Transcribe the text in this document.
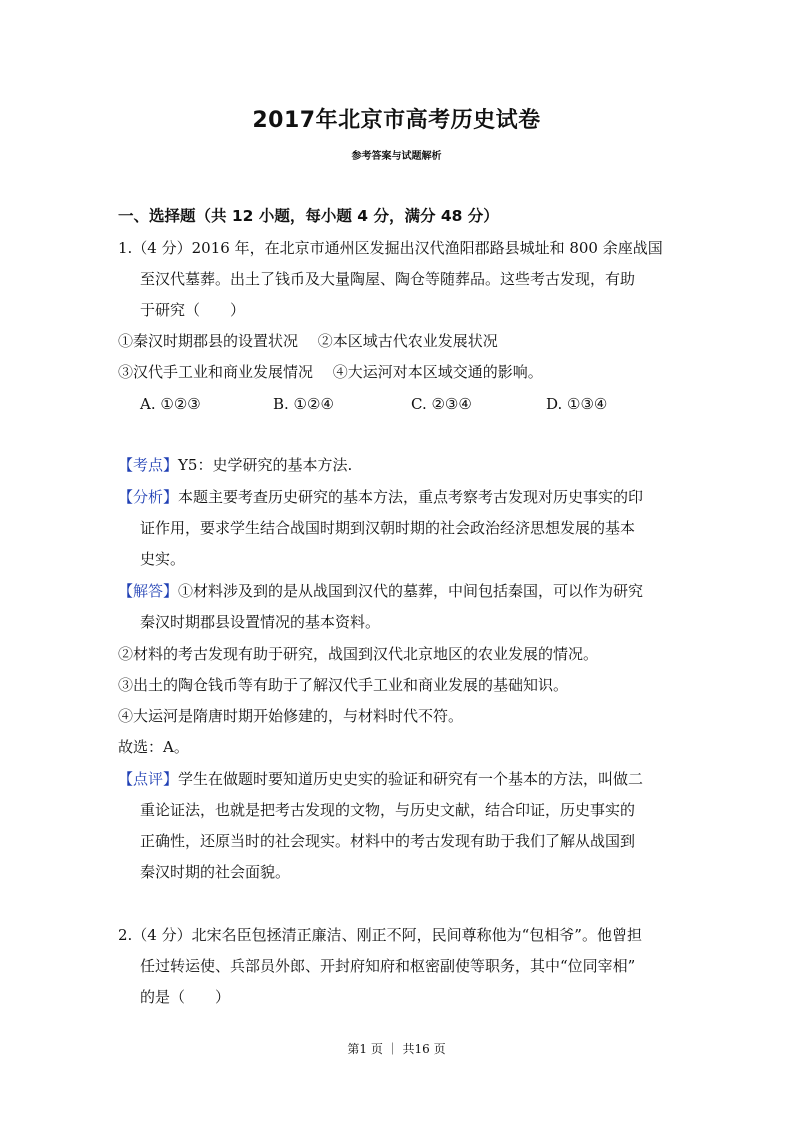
2017年北京市高考历史试卷
参考答案与试题解析
一、选择题（共 12 小题，每小题 4 分，满分 48 分）
1.（4 分）2016 年，在北京市通州区发掘出汉代渔阳郡路县城址和 800 余座战国
至汉代墓葬。出土了钱币及大量陶屋、陶仓等随葬品。这些考古发现，有助
于研究（　　）
①秦汉时期郡县的设置状况　 ②本区域古代农业发展状况
③汉代手工业和商业发展情况　 ④大运河对本区域交通的影响。
A. ①②③	B. ①②④	C. ②③④	D. ①③④
【考点】Y5：史学研究的基本方法.
【分析】本题主要考查历史研究的基本方法，重点考察考古发现对历史事实的印
证作用，要求学生结合战国时期到汉朝时期的社会政治经济思想发展的基本
史实。
【解答】①材料涉及到的是从战国到汉代的墓葬，中间包括秦国，可以作为研究
秦汉时期郡县设置情况的基本资料。
②材料的考古发现有助于研究，战国到汉代北京地区的农业发展的情况。
③出土的陶仓钱币等有助于了解汉代手工业和商业发展的基础知识。
④大运河是隋唐时期开始修建的，与材料时代不符。
故选：A。
【点评】学生在做题时要知道历史史实的验证和研究有一个基本的方法，叫做二
重论证法，也就是把考古发现的文物，与历史文献，结合印证，历史事实的
正确性，还原当时的社会现实。材料中的考古发现有助于我们了解从战国到
秦汉时期的社会面貌。
2.（4 分）北宋名臣包拯清正廉洁、刚正不阿，民间尊称他为“包相爷”。他曾担
任过转运使、兵部员外郎、开封府知府和枢密副使等职务，其中“位同宰相”
的是（　　）
第1 页 ｜ 共16 页
